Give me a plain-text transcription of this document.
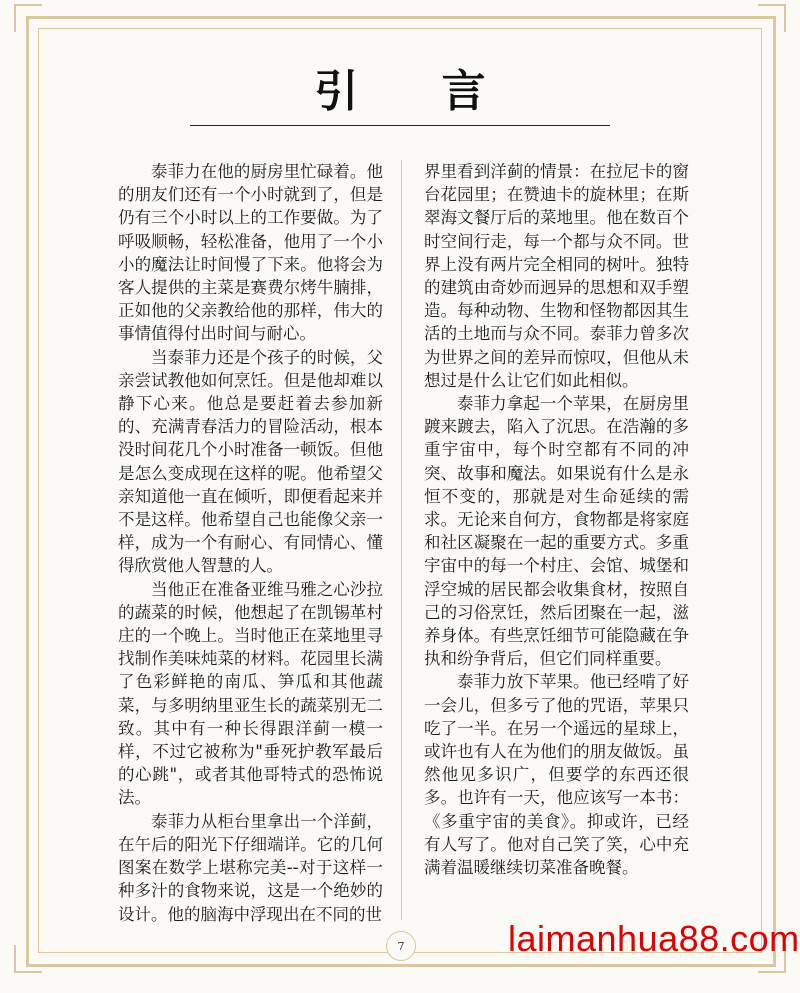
引 言

泰菲力在他的厨房里忙碌着。他的朋友们还有一个小时就到了，但是仍有三个小时以上的工作要做。为了呼吸顺畅，轻松准备，他用了一个小小的魔法让时间慢了下来。他将会为客人提供的主菜是赛费尔烤牛腩排，正如他的父亲教给他的那样，伟大的事情值得付出时间与耐心。

当泰菲力还是个孩子的时候，父亲尝试教他如何烹饪。但是他却难以静下心来。他总是要赶着去参加新的、充满青春活力的冒险活动，根本没时间花几个小时准备一顿饭。但他是怎么变成现在这样的呢。他希望父亲知道他一直在倾听，即便看起来并不是这样。他希望自己也能像父亲一样，成为一个有耐心、有同情心、懂得欣赏他人智慧的人。

当他正在准备亚维马雅之心沙拉的蔬菜的时候，他想起了在凯锡革村庄的一个晚上。当时他正在菜地里寻找制作美味炖菜的材料。花园里长满了色彩鲜艳的南瓜、笋瓜和其他蔬菜，与多明纳里亚生长的蔬菜别无二致。其中有一种长得跟洋蓟一模一样，不过它被称为"垂死护教军最后的心跳"，或者其他哥特式的恐怖说法。

泰菲力从柜台里拿出一个洋蓟，在午后的阳光下仔细端详。它的几何图案在数学上堪称完美--对于这样一种多汁的食物来说，这是一个绝妙的设计。他的脑海中浮现出在不同的世

界里看到洋蓟的情景：在拉尼卡的窗台花园里；在赞迪卡的旋林里；在斯翠海文餐厅后的菜地里。他在数百个时空间行走，每一个都与众不同。世界上没有两片完全相同的树叶。独特的建筑由奇妙而迥异的思想和双手塑造。每种动物、生物和怪物都因其生活的土地而与众不同。泰菲力曾多次为世界之间的差异而惊叹，但他从未想过是什么让它们如此相似。

泰菲力拿起一个苹果，在厨房里踱来踱去，陷入了沉思。在浩瀚的多重宇宙中，每个时空都有不同的冲突、故事和魔法。如果说有什么是永恒不变的，那就是对生命延续的需求。无论来自何方，食物都是将家庭和社区凝聚在一起的重要方式。多重宇宙中的每一个村庄、会馆、城堡和浮空城的居民都会收集食材，按照自己的习俗烹饪，然后团聚在一起，滋养身体。有些烹饪细节可能隐藏在争执和纷争背后，但它们同样重要。

泰菲力放下苹果。他已经啃了好一会儿，但多亏了他的咒语，苹果只吃了一半。在另一个遥远的星球上，或许也有人在为他们的朋友做饭。虽然他见多识广，但要学的东西还很多。也许有一天，他应该写一本书：《多重宇宙的美食》。抑或许，已经有人写了。他对自己笑了笑，心中充满着温暖继续切菜准备晚餐。

7	laimanhua88.com
